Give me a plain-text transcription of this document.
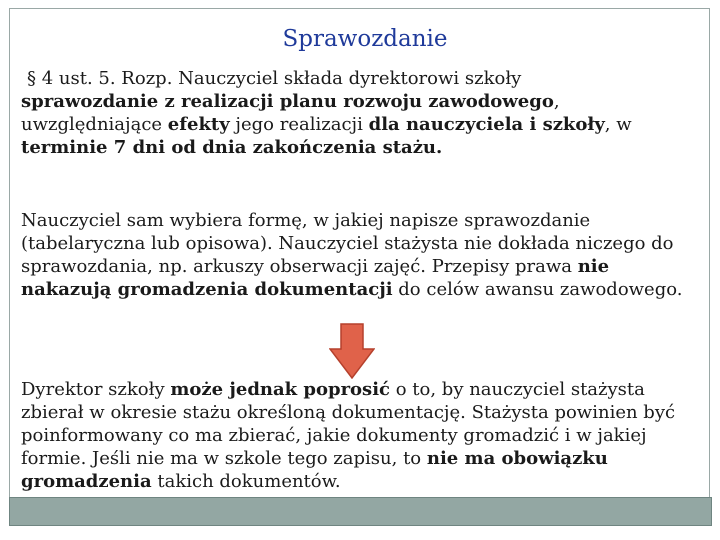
Sprawozdanie

§ 4 ust. 5. Rozp. Nauczyciel składa dyrektorowi szkoły
sprawozdanie z realizacji planu rozwoju zawodowego, uwzględniające efekty jego realizacji dla nauczyciela i szkoły, w terminie 7 dni od dnia zakończenia stażu.

Nauczyciel sam wybiera formę, w jakiej napisze sprawozdanie (tabelaryczna lub opisowa). Nauczyciel stażysta nie dokłada niczego do sprawozdania, np. arkuszy obserwacji zajęć. Przepisy prawa nie nakazują gromadzenia dokumentacji do celów awansu zawodowego.

Dyrektor szkoły może jednak poprosić o to, by nauczyciel stażysta zbierał w okresie stażu określoną dokumentację. Stażysta powinien być poinformowany co ma zbierać, jakie dokumenty gromadzić i w jakiej formie. Jeśli nie ma w szkole tego zapisu, to nie ma obowiązku gromadzenia takich dokumentów.
